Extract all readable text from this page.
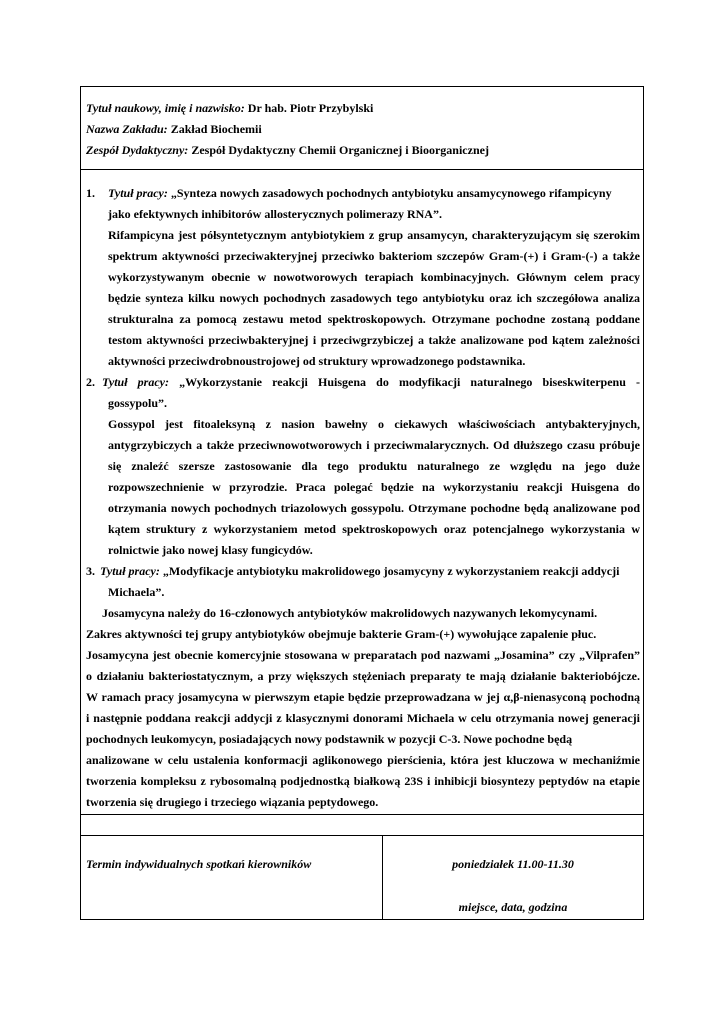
Tytuł naukowy, imię i nazwisko: Dr hab. Piotr Przybylski
Nazwa Zakładu: Zakład Biochemii
Zespół Dydaktyczny: Zespół Dydaktyczny Chemii Organicznej i Bioorganicznej
1. Tytuł pracy: „Synteza nowych zasadowych pochodnych antybiotyku ansamycynowego rifampicyny
jako efektywnych inhibitorów allosterycznych polimerazy RNA”.
Rifampicyna jest półsyntetycznym antybiotykiem z grup ansamycyn, charakteryzującym się szerokim
spektrum aktywności przeciwakteryjnej przeciwko bakteriom szczepów Gram-(+) i Gram-(-) a także
wykorzystywanym obecnie w nowotworowych terapiach kombinacyjnych. Głównym celem pracy
będzie synteza kilku nowych pochodnych zasadowych tego antybiotyku oraz ich szczegółowa analiza
strukturalna za pomocą zestawu metod spektroskopowych. Otrzymane pochodne zostaną poddane
testom aktywności przeciwbakteryjnej i przeciwgrzybiczej a także analizowane pod kątem zależności
aktywności przeciwdrobnoustrojowej od struktury wprowadzonego podstawnika.
2. Tytuł pracy: „Wykorzystanie reakcji Huisgena do modyfikacji naturalnego biseskwiterpenu -
gossypolu”.
Gossypol jest fitoaleksyną z nasion bawełny o ciekawych właściwościach antybakteryjnych,
antygrzybiczych a także przeciwnowotworowych i przeciwmalarycznych. Od dłuższego czasu próbuje
się znaleźć szersze zastosowanie dla tego produktu naturalnego ze względu na jego duże
rozpowszechnienie w przyrodzie. Praca polegać będzie na wykorzystaniu reakcji Huisgena do
otrzymania nowych pochodnych triazolowych gossypolu. Otrzymane pochodne będą analizowane pod
kątem struktury z wykorzystaniem metod spektroskopowych oraz potencjalnego wykorzystania w
rolnictwie jako nowej klasy fungicydów.
3. Tytuł pracy: „Modyfikacje antybiotyku makrolidowego josamycyny z wykorzystaniem reakcji addycji
Michaela”.
Josamycyna należy do 16-członowych antybiotyków makrolidowych nazywanych lekomycynami.
Zakres aktywności tej grupy antybiotyków obejmuje bakterie Gram-(+) wywołujące zapalenie płuc.
Josamycyna jest obecnie komercyjnie stosowana w preparatach pod nazwami „Josamina” czy „Vilprafen”
o działaniu bakteriostatycznym, a przy większych stężeniach preparaty te mają działanie bakteriobójcze.
W ramach pracy josamycyna w pierwszym etapie będzie przeprowadzana w jej α,β-nienasyconą pochodną
i następnie poddana reakcji addycji z klasycznymi donorami Michaela w celu otrzymania nowej generacji
pochodnych leukomycyn, posiadających nowy podstawnik w pozycji C-3. Nowe pochodne będą
analizowane w celu ustalenia konformacji aglikonowego pierścienia, która jest kluczowa w mechaniźmie
tworzenia kompleksu z rybosomalną podjednostką białkową 23S i inhibicji biosyntezy peptydów na etapie
tworzenia się drugiego i trzeciego wiązania peptydowego.
Termin indywidualnych spotkań kierowników	poniedziałek 11.00-11.30
miejsce, data, godzina
